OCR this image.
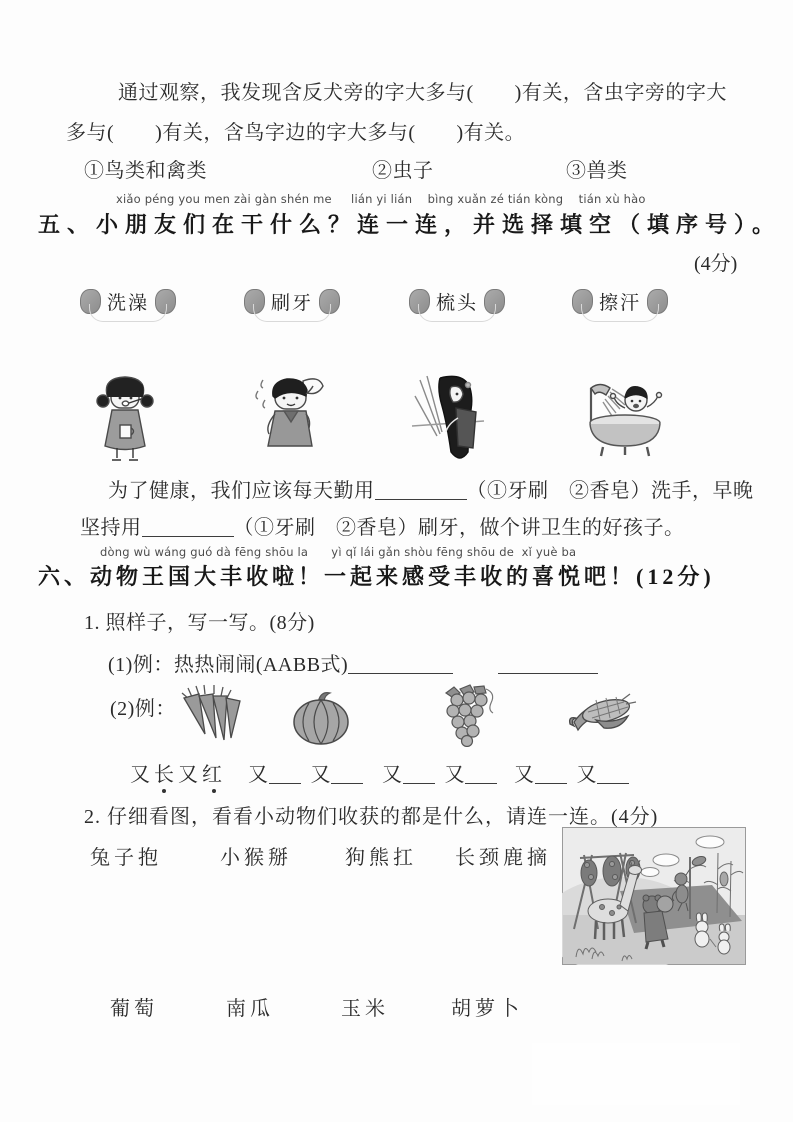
通过观察，我发现含反犬旁的字大多与(　　)有关，含虫字旁的字大
多与(　　)有关，含鸟字边的字大多与(　　)有关。
①鸟类和禽类	②虫子	③兽类
xiǎo péng you men zài gàn shén me     lián yi lián    bìng xuǎn zé tián kòng    tián xù hào
五、小朋友们在干什么？连一连，并选择填空（填序号）。
(4分)
洗澡	刷牙	梳头	擦汗
为了健康，我们应该每天勤用	（①牙刷　②香皂）洗手，早晚
坚持用	（①牙刷　②香皂）刷牙，做个讲卫生的好孩子。
dòng wù wáng guó dà fēng shōu la      yì qǐ lái gǎn shòu fēng shōu de  xǐ yuè ba
六、动物王国大丰收啦！一起来感受丰收的喜悦吧！(12分)
1. 照样子，写一写。(8分)
(1)例：热热闹闹(AABB式)
(2)例：
又长又红 又 又	又 又	又 又
2. 仔细看图，看看小动物们收获的都是什么，请连一连。(4分)
兔子抱	小猴掰	狗熊扛 长颈鹿摘
葡萄	南瓜	玉米	胡萝卜
